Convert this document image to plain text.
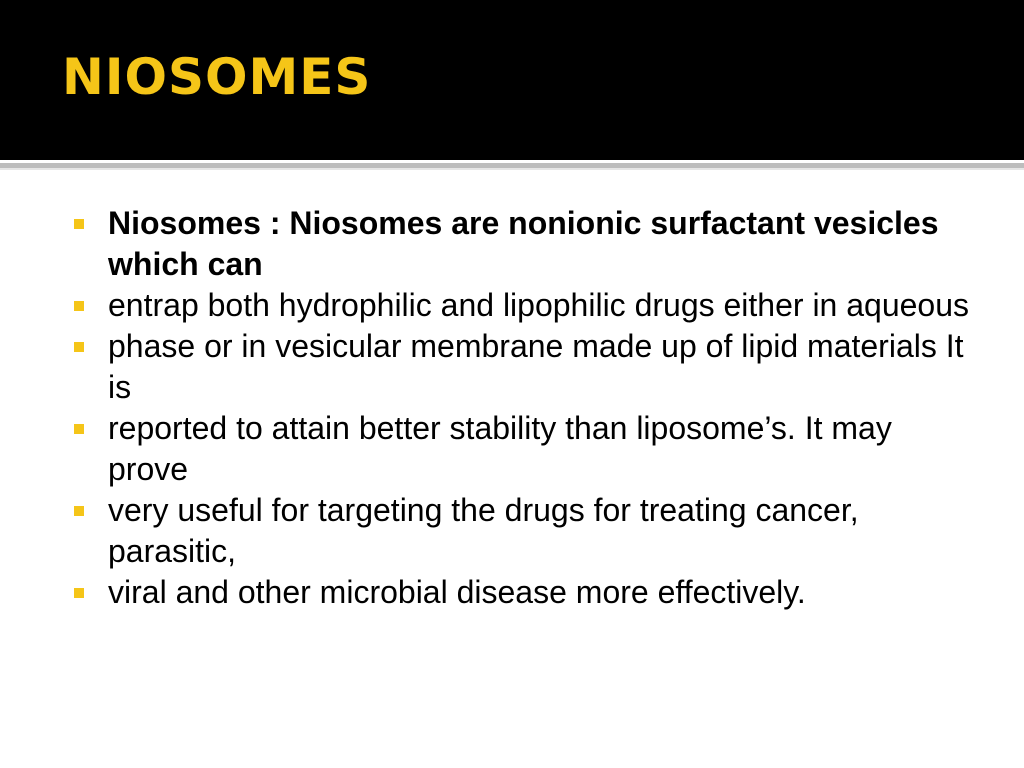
NIOSOMES
Niosomes : Niosomes are nonionic surfactant vesicles which can
entrap both hydrophilic and lipophilic drugs either in aqueous
phase or in vesicular membrane made up of lipid materials It is
reported to attain better stability than liposome’s. It may prove
very useful for targeting the drugs for treating cancer, parasitic,
viral and other microbial disease more effectively.
